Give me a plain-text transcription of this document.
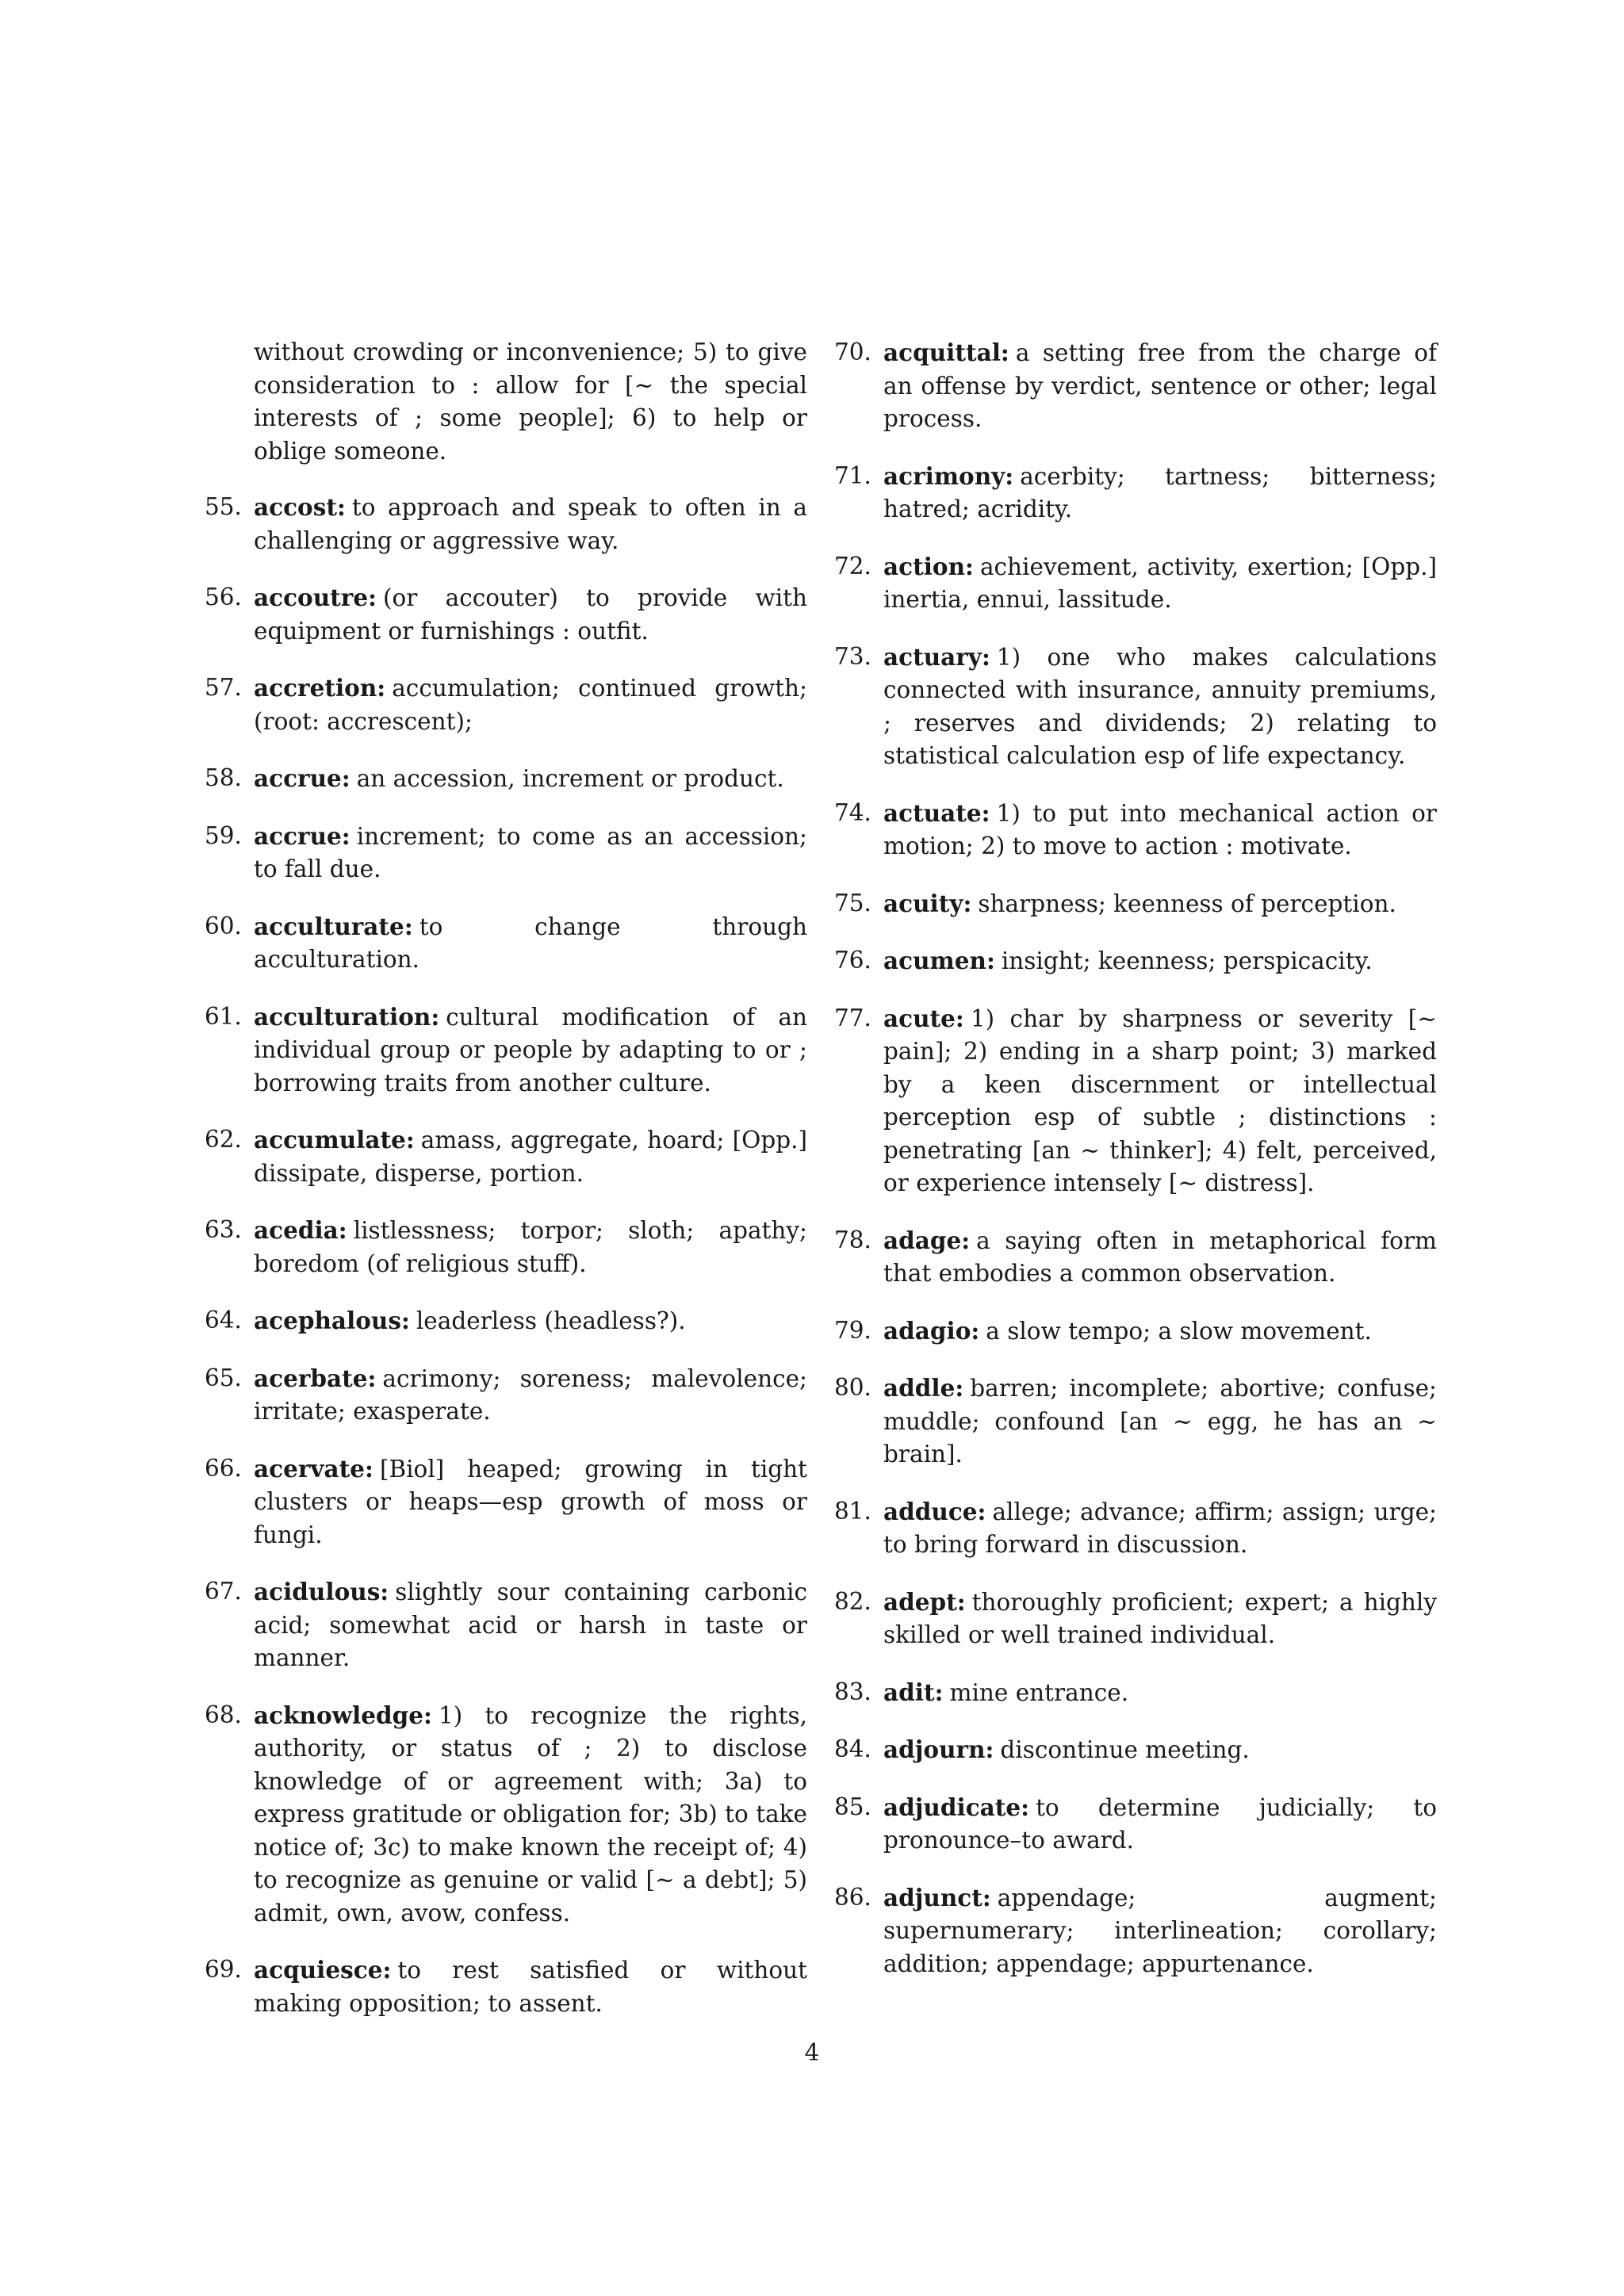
without crowding or inconvenience; 5) to give consideration to : allow for [∼ the special interests of ; some people]; 6) to help or oblige someone.
55. accost: to approach and speak to often in a challenging or aggressive way.
56. accoutre: (or accouter) to provide with equipment or furnishings : outfit.
57. accretion: accumulation; continued growth; (root: accrescent);
58. accrue: an accession, increment or product.
59. accrue: increment; to come as an accession; to fall due.
60. acculturate: to change through acculturation.
61. acculturation: cultural modification of an individual group or people by adapting to or ; borrowing traits from another culture.
62. accumulate: amass, aggregate, hoard; [Opp.] dissipate, disperse, portion.
63. acedia: listlessness; torpor; sloth; apathy; boredom (of religious stuff).
64. acephalous: leaderless (headless?).
65. acerbate: acrimony; soreness; malevolence; irritate; exasperate.
66. acervate: [Biol] heaped; growing in tight clusters or heaps—esp growth of moss or fungi.
67. acidulous: slightly sour containing carbonic acid; somewhat acid or harsh in taste or manner.
68. acknowledge: 1) to recognize the rights, authority, or status of ; 2) to disclose knowledge of or agreement with; 3a) to express gratitude or obligation for; 3b) to take notice of; 3c) to make known the receipt of; 4) to recognize as genuine or valid [∼ a debt]; 5) admit, own, avow, confess.
69. acquiesce: to rest satisfied or without making opposition; to assent.
70. acquittal: a setting free from the charge of an offense by verdict, sentence or other; legal process.
71. acrimony: acerbity; tartness; bitterness; hatred; acridity.
72. action: achievement, activity, exertion; [Opp.] inertia, ennui, lassitude.
73. actuary: 1) one who makes calculations connected with insurance, annuity premiums, ; reserves and dividends; 2) relating to statistical calculation esp of life expectancy.
74. actuate: 1) to put into mechanical action or motion; 2) to move to action : motivate.
75. acuity: sharpness; keenness of perception.
76. acumen: insight; keenness; perspicacity.
77. acute: 1) char by sharpness or severity [∼ pain]; 2) ending in a sharp point; 3) marked by a keen discernment or intellectual perception esp of subtle ; distinctions : penetrating [an ∼ thinker]; 4) felt, perceived, or experience intensely [∼ distress].
78. adage: a saying often in metaphorical form that embodies a common observation.
79. adagio: a slow tempo; a slow movement.
80. addle: barren; incomplete; abortive; confuse; muddle; confound [an ∼ egg, he has an ∼ brain].
81. adduce: allege; advance; affirm; assign; urge; to bring forward in discussion.
82. adept: thoroughly proficient; expert; a highly skilled or well trained individual.
83. adit: mine entrance.
84. adjourn: discontinue meeting.
85. adjudicate: to determine judicially; to pronounce–to award.
86. adjunct: appendage; augment; supernumerary; interlineation; corollary; addition; appendage; appurtenance.
4
